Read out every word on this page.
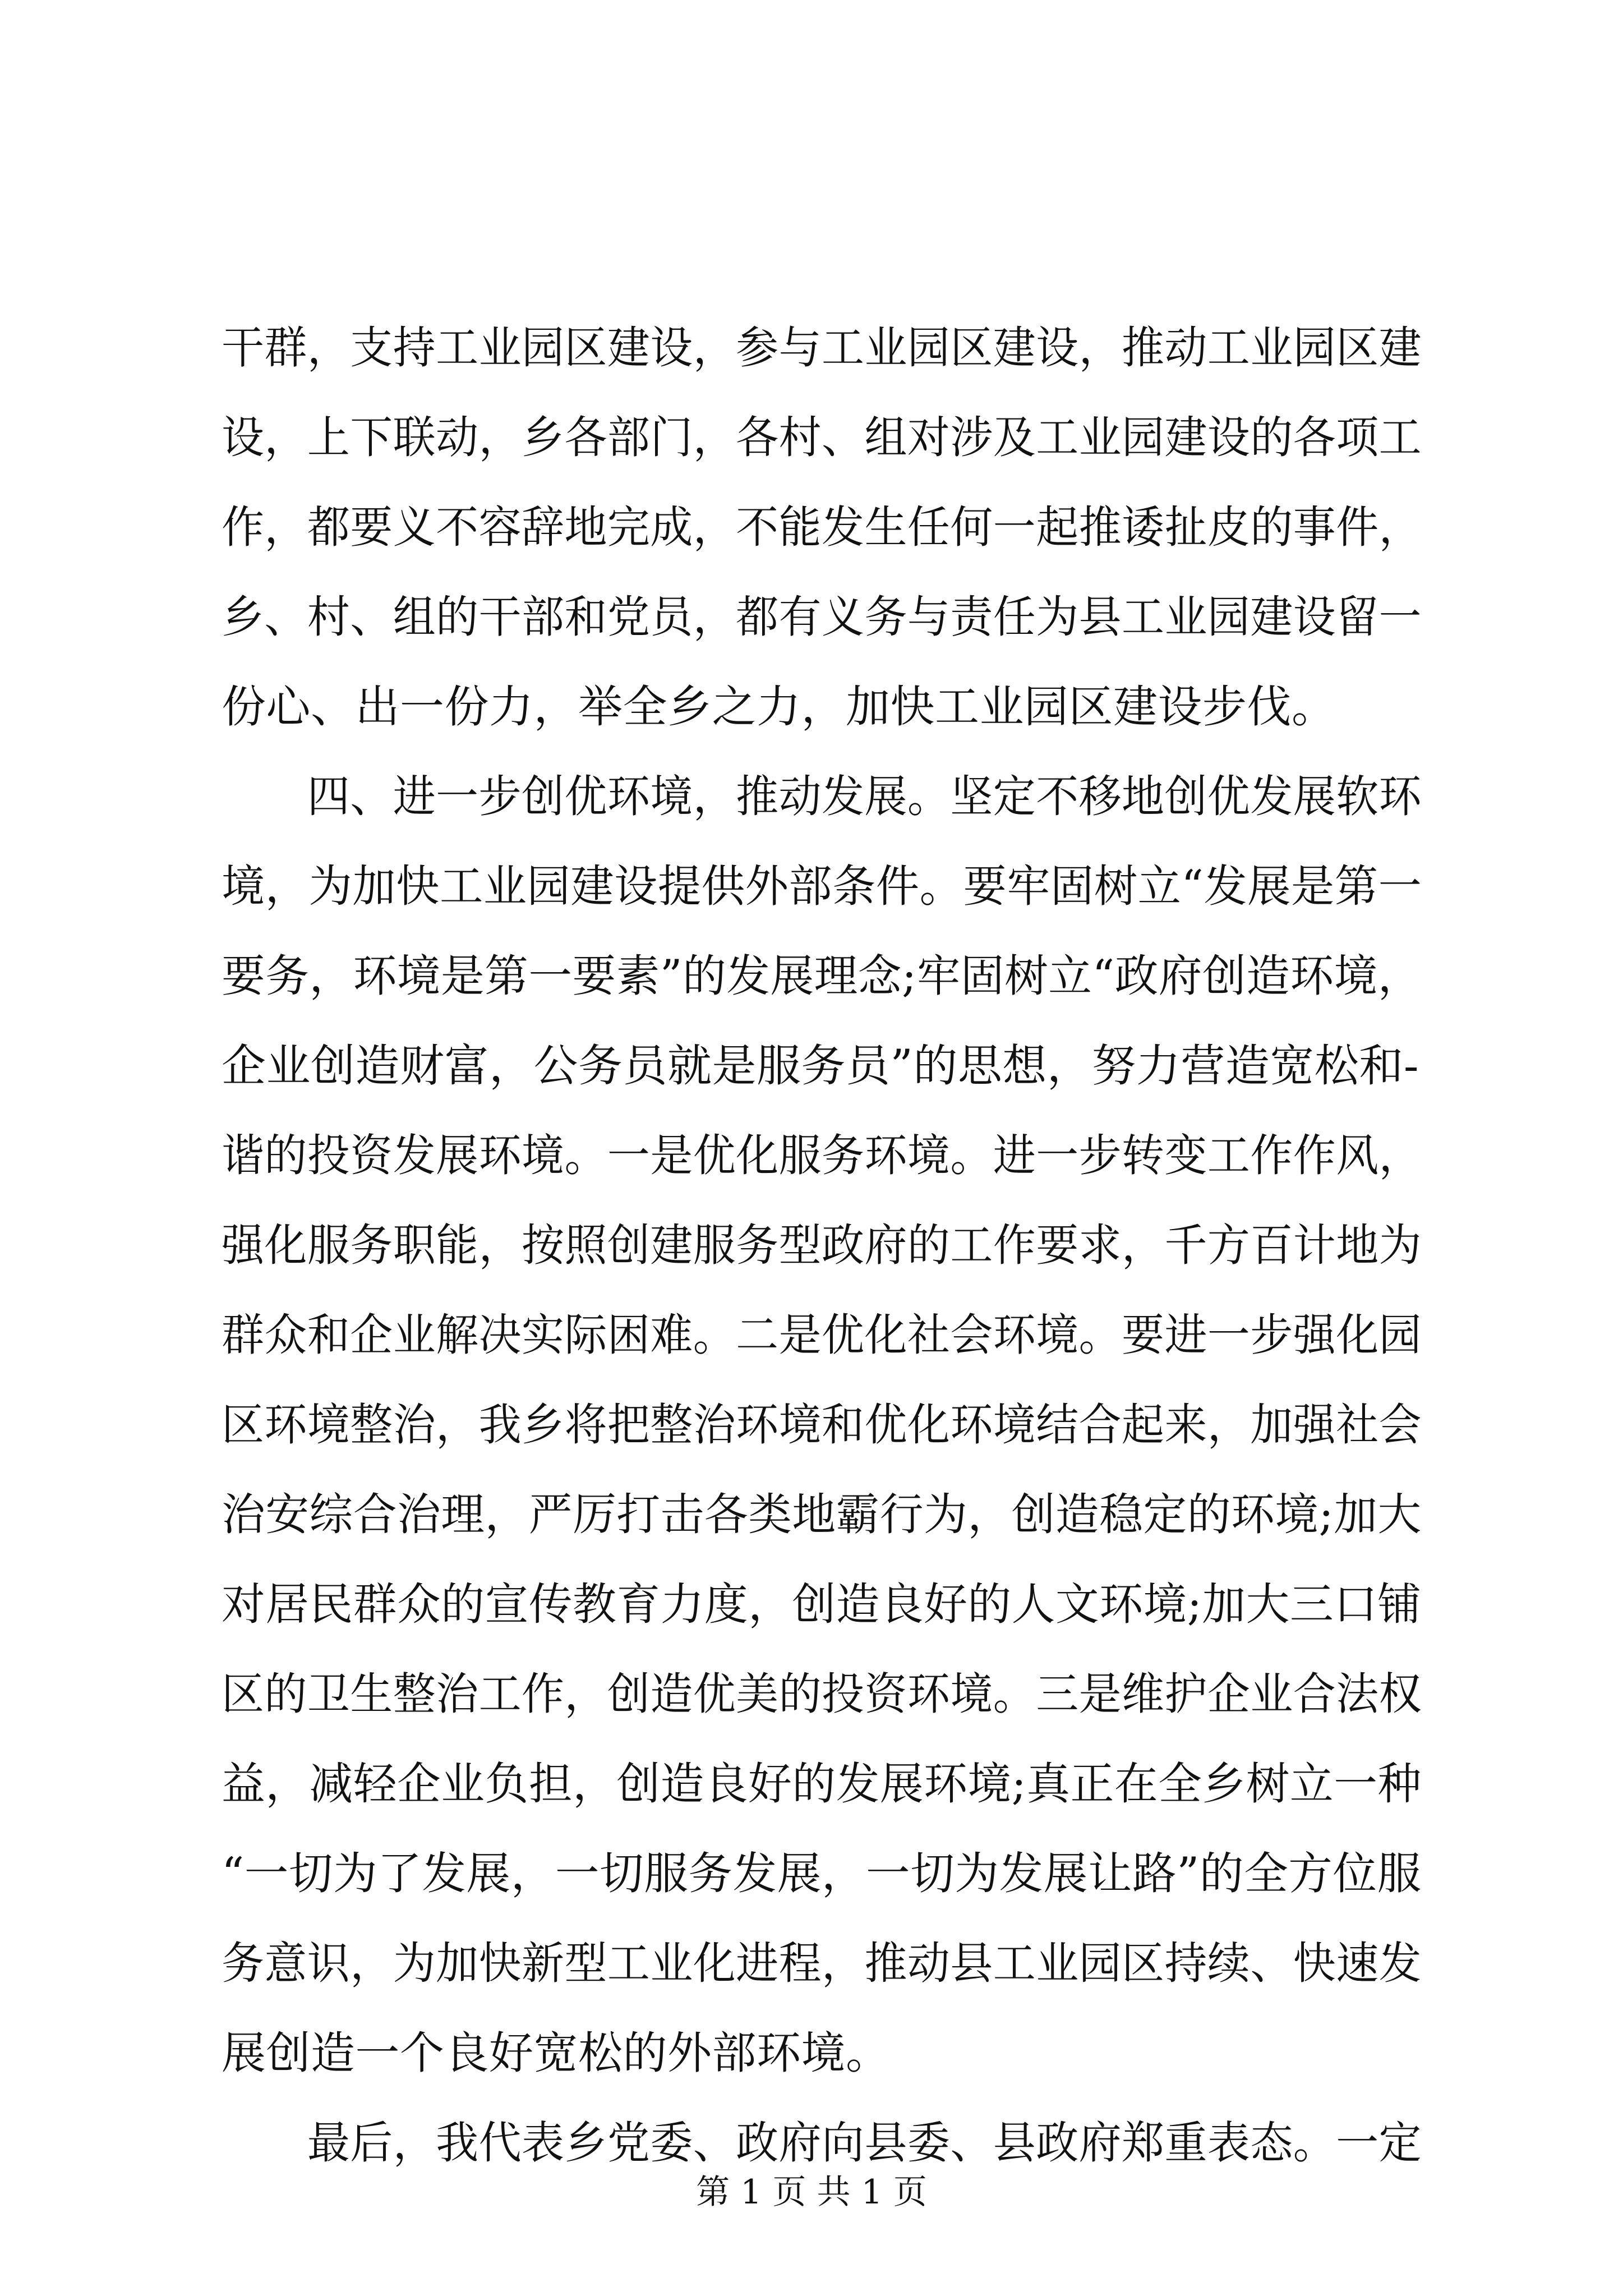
干群，支持工业园区建设，参与工业园区建设，推动工业园区建
设，上下联动，乡各部门，各村、组对涉及工业园建设的各项工
作，都要义不容辞地完成，不能发生任何一起推诿扯皮的事件，
乡、村、组的干部和党员，都有义务与责任为县工业园建设留一
份心、出一份力，举全乡之力，加快工业园区建设步伐。
　　四、进一步创优环境，推动发展。坚定不移地创优发展软环
境，为加快工业园建设提供外部条件。要牢固树立“发展是第一
要务，环境是第一要素”的发展理念;牢固树立“政府创造环境，
企业创造财富，公务员就是服务员”的思想，努力营造宽松和-
谐的投资发展环境。一是优化服务环境。进一步转变工作作风，
强化服务职能，按照创建服务型政府的工作要求，千方百计地为
群众和企业解决实际困难。二是优化社会环境。要进一步强化园
区环境整治，我乡将把整治环境和优化环境结合起来，加强社会
治安综合治理，严厉打击各类地霸行为，创造稳定的环境;加大
对居民群众的宣传教育力度，创造良好的人文环境;加大三口铺
区的卫生整治工作，创造优美的投资环境。三是维护企业合法权
益，减轻企业负担，创造良好的发展环境;真正在全乡树立一种
“一切为了发展，一切服务发展，一切为发展让路”的全方位服
务意识，为加快新型工业化进程，推动县工业园区持续、快速发
展创造一个良好宽松的外部环境。
　　最后，我代表乡党委、政府向县委、县政府郑重表态。一定
第 1 页 共 1 页
